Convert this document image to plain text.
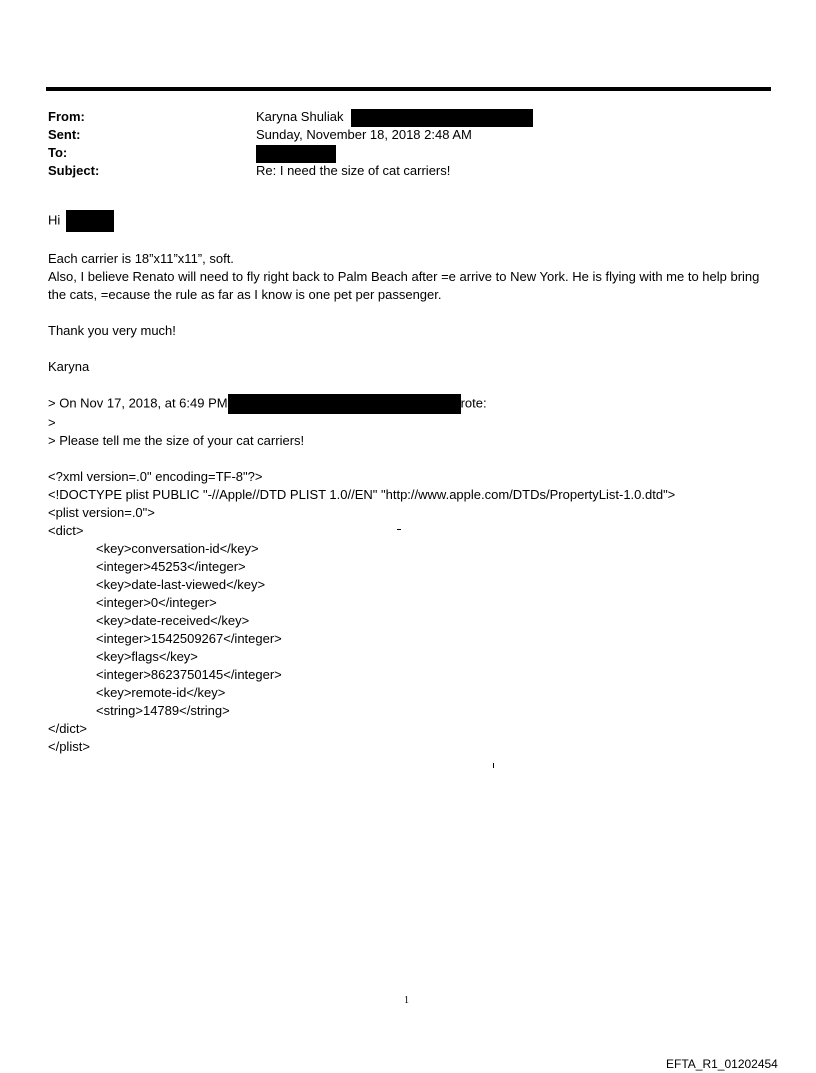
From:	Karyna Shuliak
Sent:	Sunday, November 18, 2018 2:48 AM
To:
Subject:	Re: I need the size of cat carriers!

Hi

Each carrier is 18”x11”x11”, soft.

Also, I believe Renato will need to fly right back to Palm Beach after =e arrive to New York. He is flying with me to help bring the cats, =ecause the rule as far as I know is one pet per passenger.

Thank you very much!

Karyna

> On Nov 17, 2018, at 6:49 PM	rote:

>

> Please tell me the size of your cat carriers!

<?xml version=.0" encoding=TF-8"?>

<!DOCTYPE plist PUBLIC "-//Apple//DTD PLIST 1.0//EN" "http://www.apple.com/DTDs/PropertyList-1.0.dtd">

<plist version=.0">

<dict>

<key>conversation-id</key>

<integer>45253</integer>

<key>date-last-viewed</key>

<integer>0</integer>

<key>date-received</key>

<integer>1542509267</integer>

<key>flags</key>

<integer>8623750145</integer>

<key>remote-id</key>

<string>14789</string>

</dict>

</plist>

1
EFTA_R1_01202454
